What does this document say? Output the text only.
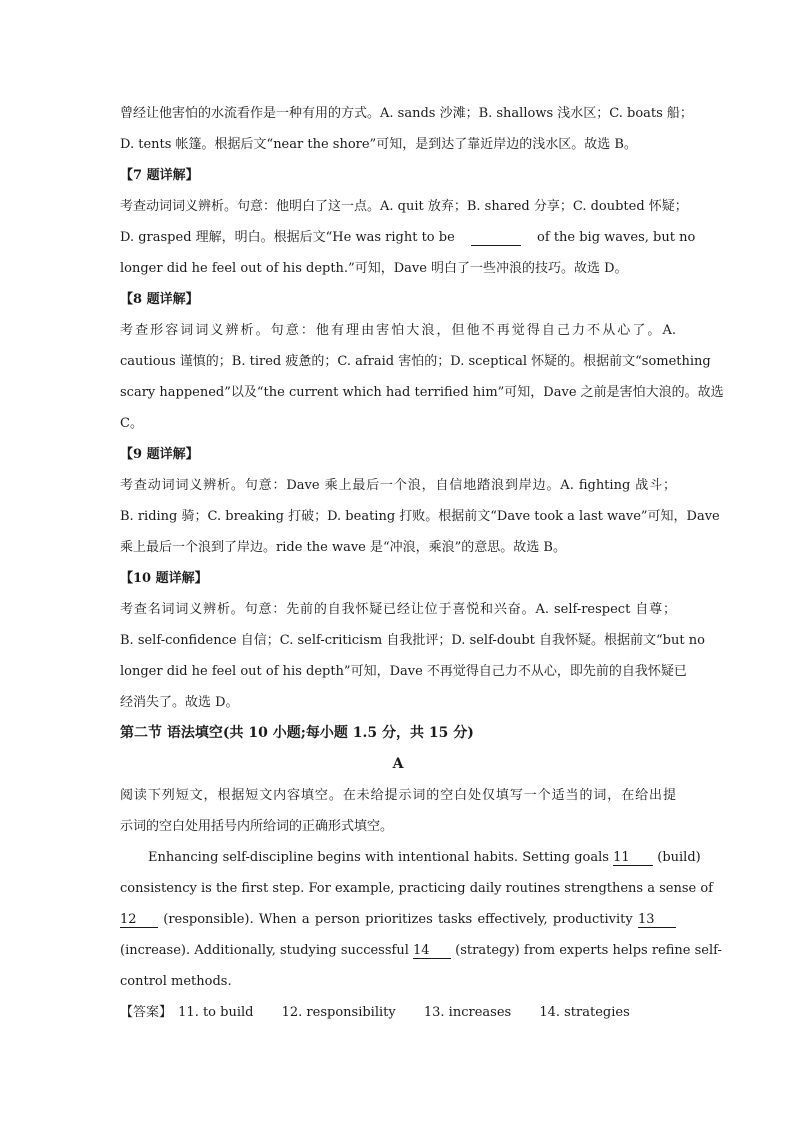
曾经让他害怕的水流看作是一种有用的方式。A. sands 沙滩；B. shallows 浅水区；C. boats 船；
D. tents 帐篷。根据后文“near the shore”可知，是到达了靠近岸边的浅水区。故选 B。
【7 题详解】
考查动词词义辨析。句意：他明白了这一点。A. quit 放弃；B. shared 分享；C. doubted 怀疑；
D. grasped 理解，明白。根据后文“He was right to be	of the big waves, but no
longer did he feel out of his depth.”可知，Dave 明白了一些冲浪的技巧。故选 D。
【8 题详解】
考查形容词词义辨析。句意：他有理由害怕大浪，但他不再觉得自己力不从心了。A.
cautious 谨慎的；B. tired 疲惫的；C. afraid 害怕的；D. sceptical 怀疑的。根据前文“something
scary happened”以及“the current which had terrified him”可知，Dave 之前是害怕大浪的。故选
C。
【9 题详解】
考查动词词义辨析。句意：Dave 乘上最后一个浪，自信地踏浪到岸边。A. fighting 战斗；
B. riding 骑；C. breaking 打破；D. beating 打败。根据前文“Dave took a last wave”可知，Dave
乘上最后一个浪到了岸边。ride the wave 是“冲浪，乘浪”的意思。故选 B。
【10 题详解】
考查名词词义辨析。句意：先前的自我怀疑已经让位于喜悦和兴奋。A. self-respect 自尊；
B. self-confidence 自信；C. self-criticism 自我批评；D. self-doubt 自我怀疑。根据前文“but no
longer did he feel out of his depth”可知，Dave 不再觉得自己力不从心，即先前的自我怀疑已
经消失了。故选 D。
第二节 语法填空(共 10 小题;每小题 1.5 分，共 15 分)
A
阅读下列短文，根据短文内容填空。在未给提示词的空白处仅填写一个适当的词，在给出提
示词的空白处用括号内所给词的正确形式填空。
Enhancing self-discipline begins with intentional habits. Setting goals 11 (build)
consistency is the first step. For example, practicing daily routines strengthens a sense of
12 (responsible). When a person prioritizes tasks effectively, productivity 13
(increase). Additionally, studying successful 14 (strategy) from experts helps refine self-
control methods.
【答案】 11. to build 12. responsibility 13. increases 14. strategies
